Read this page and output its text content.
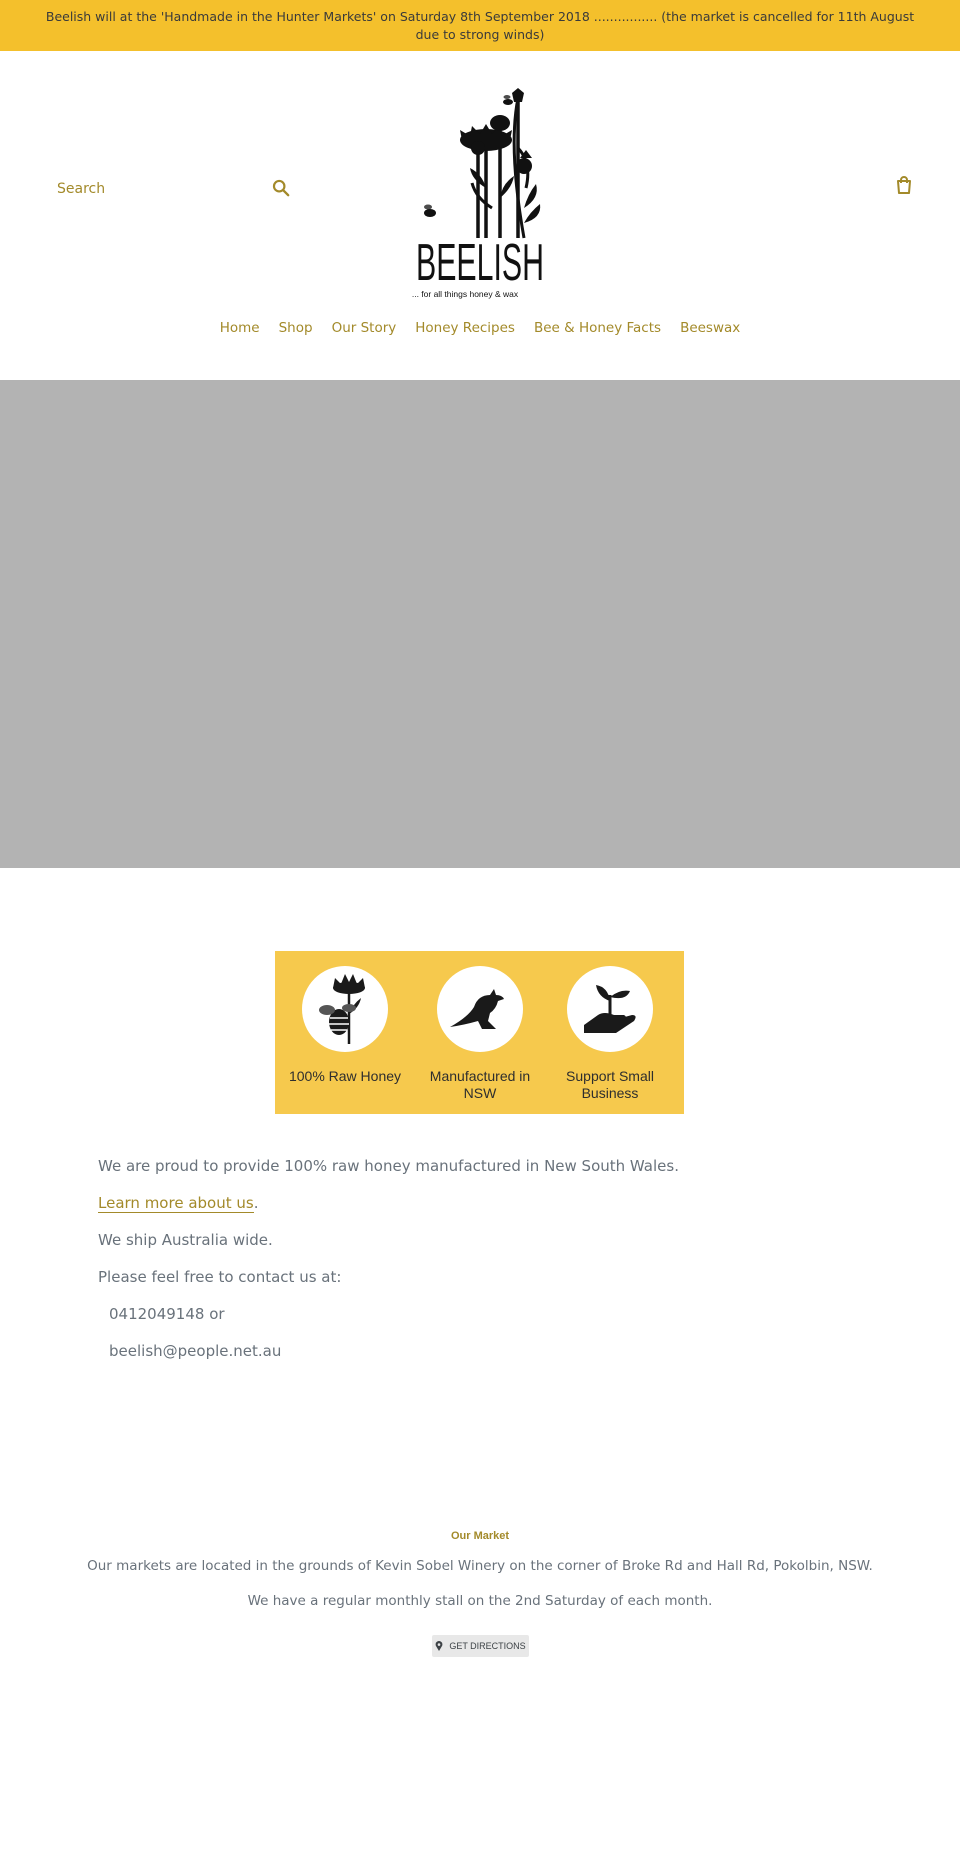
Beelish will at the 'Handmade in the Hunter Markets' on Saturday 8th September 2018 ................ (the market is cancelled for 11th August due to strong winds)

Search
BEELISH
... for all things honey & wax
Home Shop Our Story Honey Recipes Bee & Honey Facts Beeswax

100% Raw Honey	Manufactured in NSW

Support Small Business

We are proud to provide 100% raw honey manufactured in New South Wales.

Learn more about us.

We ship Australia wide.

Please feel free to contact us at:

0412049148 or

beelish@people.net.au

Our Market

Our markets are located in the grounds of Kevin Sobel Winery on the corner of Broke Rd and Hall Rd, Pokolbin, NSW.

We have a regular monthly stall on the 2nd Saturday of each month.

GET DIRECTIONS
